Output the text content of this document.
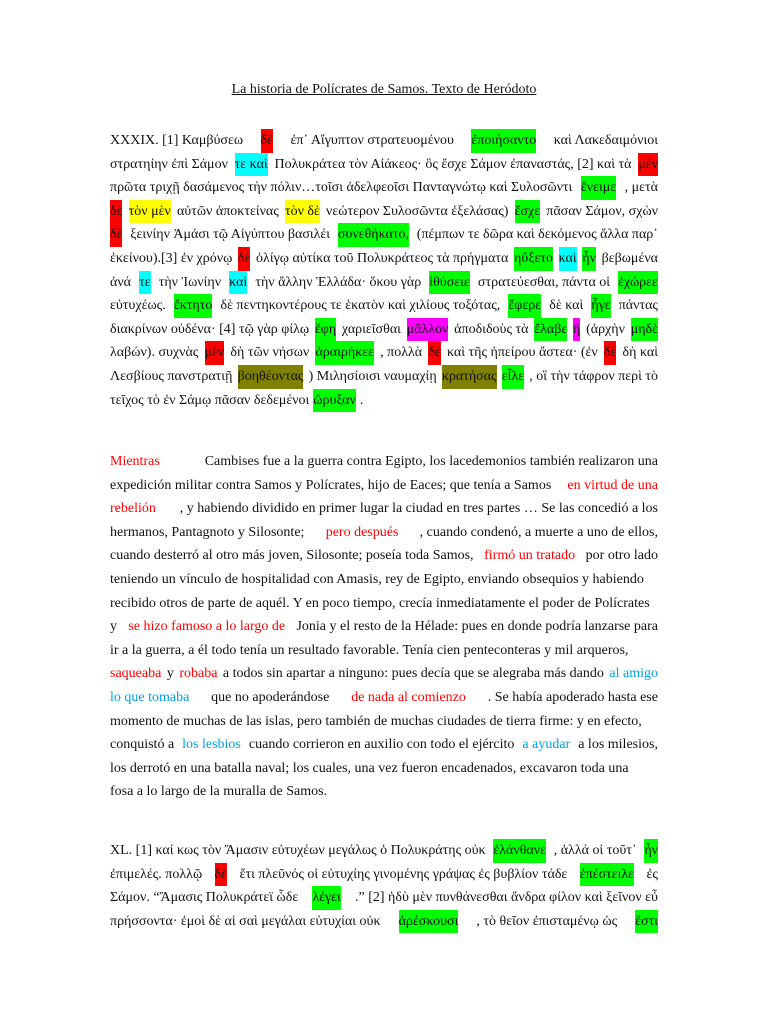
La historia de Polícrates de Samos. Texto de Heródoto
XXXIX. [1] Καμβύσεω δὲ ἐπ᾽ Αἴγυπτον στρατευομένου ἐποιήσαντο καὶ Λακεδαιμόνιοι
στρατηίην ἐπὶ Σάμον τε καὶ Πολυκράτεα τὸν Αἰάκεος· ὃς ἔσχε Σάμον ἐπαναστάς, [2] καὶ τὰ μὲν
πρῶτα τριχῇ δασάμενος τὴν πόλιν…τοῖσι ἀδελφεοῖσι Πανταγνώτῳ καὶ Συλοσῶντι ἔνειμε , μετὰ
δὲ τὸν μὲν αὐτῶν ἀποκτείνας τὸν δὲ νεώτερον Συλοσῶντα ἐξελάσας) ἔσχε πᾶσαν Σάμον, σχὼν
δὲ ξεινίην Ἀμάσι τῷ Αἰγύπτου βασιλέι συνεθήκατο, (πέμπων τε δῶρα καὶ δεκόμενος ἄλλα παρ᾽
ἐκείνου).[3] ἐν χρόνῳ δὲ ὀλίγῳ αὐτίκα τοῦ Πολυκράτεος τὰ πρήγματα ηὔξετο καὶ ἦν βεβωμένα
ἀνά τε τὴν Ἰωνίην καὶ τὴν ἄλλην Ἑλλάδα· ὅκου γὰρ ἰθύσειε στρατεύεσθαι, πάντα οἱ ἐχώρεε
εὐτυχέως. ἔκτητο δὲ πεντηκοντέρους τε ἑκατὸν καὶ χιλίους τοξότας, ἔφερε δὲ καὶ ἦγε πάντας
διακρίνων οὐδένα· [4] τῷ γὰρ φίλῳ ἔφη χαριεῖσθαι μᾶλλον ἀποδιδοὺς τὰ ἔλαβε ἢ (ἀρχὴν μηδὲ
λαβών). συχνὰς μὲν δὴ τῶν νήσων ἀραιρήκεε , πολλὰ δὲ καὶ τῆς ἠπείρου ἄστεα· (ἐν δὲ δὴ καὶ
Λεσβίους πανστρατιῇ βοηθέοντας ) Μιλησίοισι ναυμαχίῃ κρατήσας εἷλε , οἳ τὴν τάφρον περὶ τὸ
τεῖχος τὸ ἐν Σάμῳ πᾶσαν δεδεμένοι ὤρυξαν .
Mientras	Cambises fue a la guerra contra Egipto, los lacedemonios también realizaron una
expedición militar contra Samos y Polícrates, hijo de Eaces; que tenía a Samos en virtud de una
rebelión , y habiendo dividido en primer lugar la ciudad en tres partes … Se las concedió a los
hermanos, Pantagnoto y Silosonte; pero después , cuando condenó, a muerte a uno de ellos,
cuando desterró al otro más joven, Silosonte; poseía toda Samos, firmó un tratado por otro lado
teniendo un vínculo de hospitalidad con Amasis, rey de Egipto, enviando obsequios y habiendo
recibido otros de parte de aquél. Y en poco tiempo, crecía inmediatamente el poder de Polícrates
y se hizo famoso a lo largo de Jonia y el resto de la Hélade: pues en donde podría lanzarse para
ir a la guerra, a él todo tenía un resultado favorable. Tenía cien penteconteras y mil arqueros,
saqueaba y robaba a todos sin apartar a ninguno: pues decía que se alegraba más dando al amigo
lo que tomaba que no apoderándose de nada al comienzo . Se había apoderado hasta ese
momento de muchas de las islas, pero también de muchas ciudades de tierra firme: y en efecto,
conquistó a los lesbios cuando corrieron en auxilio con todo el ejército a ayudar a los milesios,
los derrotó en una batalla naval; los cuales, una vez fueron encadenados, excavaron toda una
fosa a lo largo de la muralla de Samos.
XL. [1] καί κως τὸν Ἄμασιν εὐτυχέων μεγάλως ὁ Πολυκράτης οὐκ ἐλάνθανε , ἀλλά οἱ τοῦτ᾽ ἦν
ἐπιμελές. πολλῷ δὲ ἔτι πλεῦνός οἱ εὐτυχίης γινομένης γράψας ἐς βυβλίον τάδε ἐπέστειλε ἐς
Σάμον. “Ἄμασις Πολυκράτεϊ ὧδε λέγει .” [2] ἡδὺ μὲν πυνθάνεσθαι ἄνδρα φίλον καὶ ξεῖνον εὖ
πρήσσοντα· ἐμοὶ δὲ αἱ σαὶ μεγάλαι εὐτυχίαι οὐκ ἀρέσκουσι , τὸ θεῖον ἐπισταμένῳ ὡς ἔστι
